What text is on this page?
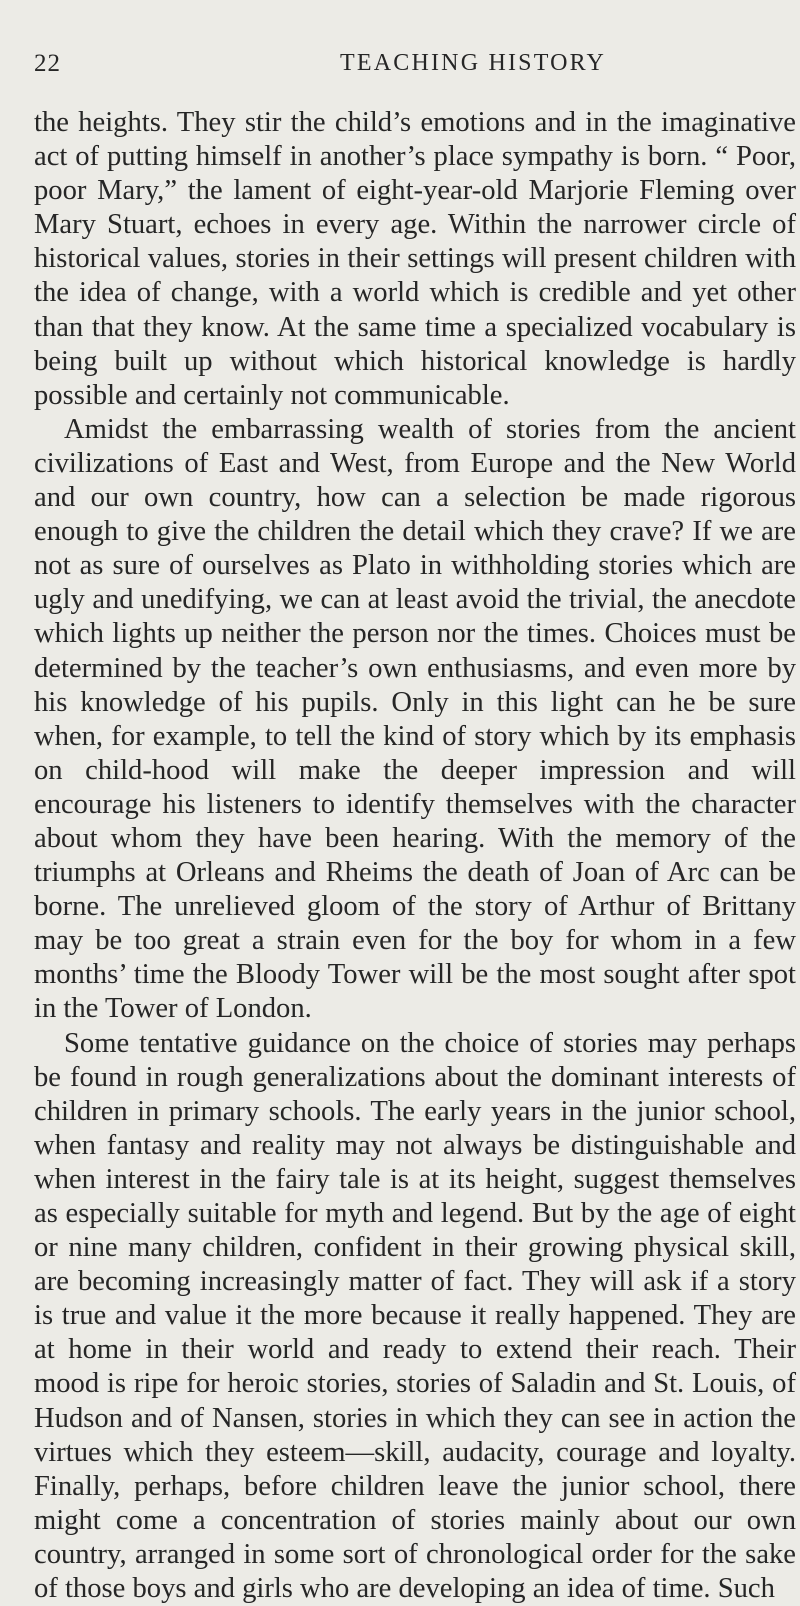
22	TEACHING HISTORY

the heights. They stir the child’s emotions and in the imaginative act of putting himself in another’s place sympathy is born. “ Poor, poor Mary,” the lament of eight-year-old Marjorie Fleming over Mary Stuart, echoes in every age. Within the narrower circle of historical values, stories in their settings will present children with the idea of change, with a world which is credible and yet other than that they know. At the same time a specialized vocabulary is being built up without which historical knowledge is hardly possible and certainly not communicable.

Amidst the embarrassing wealth of stories from the ancient civilizations of East and West, from Europe and the New World and our own country, how can a selection be made rigorous enough to give the children the detail which they crave? If we are not as sure of ourselves as Plato in withholding stories which are ugly and unedifying, we can at least avoid the trivial, the anecdote which lights up neither the person nor the times. Choices must be determined by the teacher’s own enthusiasms, and even more by his knowledge of his pupils. Only in this light can he be sure when, for example, to tell the kind of story which by its emphasis on child-hood will make the deeper impression and will encourage his listeners to identify themselves with the character about whom they have been hearing. With the memory of the triumphs at Orleans and Rheims the death of Joan of Arc can be borne. The unrelieved gloom of the story of Arthur of Brittany may be too great a strain even for the boy for whom in a few months’ time the Bloody Tower will be the most sought after spot in the Tower of London.

Some tentative guidance on the choice of stories may perhaps be found in rough generalizations about the dominant interests of children in primary schools. The early years in the junior school, when fantasy and reality may not always be distinguishable and when interest in the fairy tale is at its height, suggest themselves as especially suitable for myth and legend. But by the age of eight or nine many children, confident in their growing physical skill, are becoming increasingly matter of fact. They will ask if a story is true and value it the more because it really happened. They are at home in their world and ready to extend their reach. Their mood is ripe for heroic stories, stories of Saladin and St. Louis, of Hudson and of Nansen, stories in which they can see in action the virtues which they esteem—skill, audacity, courage and loyalty. Finally, perhaps, before children leave the junior school, there might come a concentration of stories mainly about our own country, arranged in some sort of chronological order for the sake of those boys and girls who are developing an idea of time. Such
